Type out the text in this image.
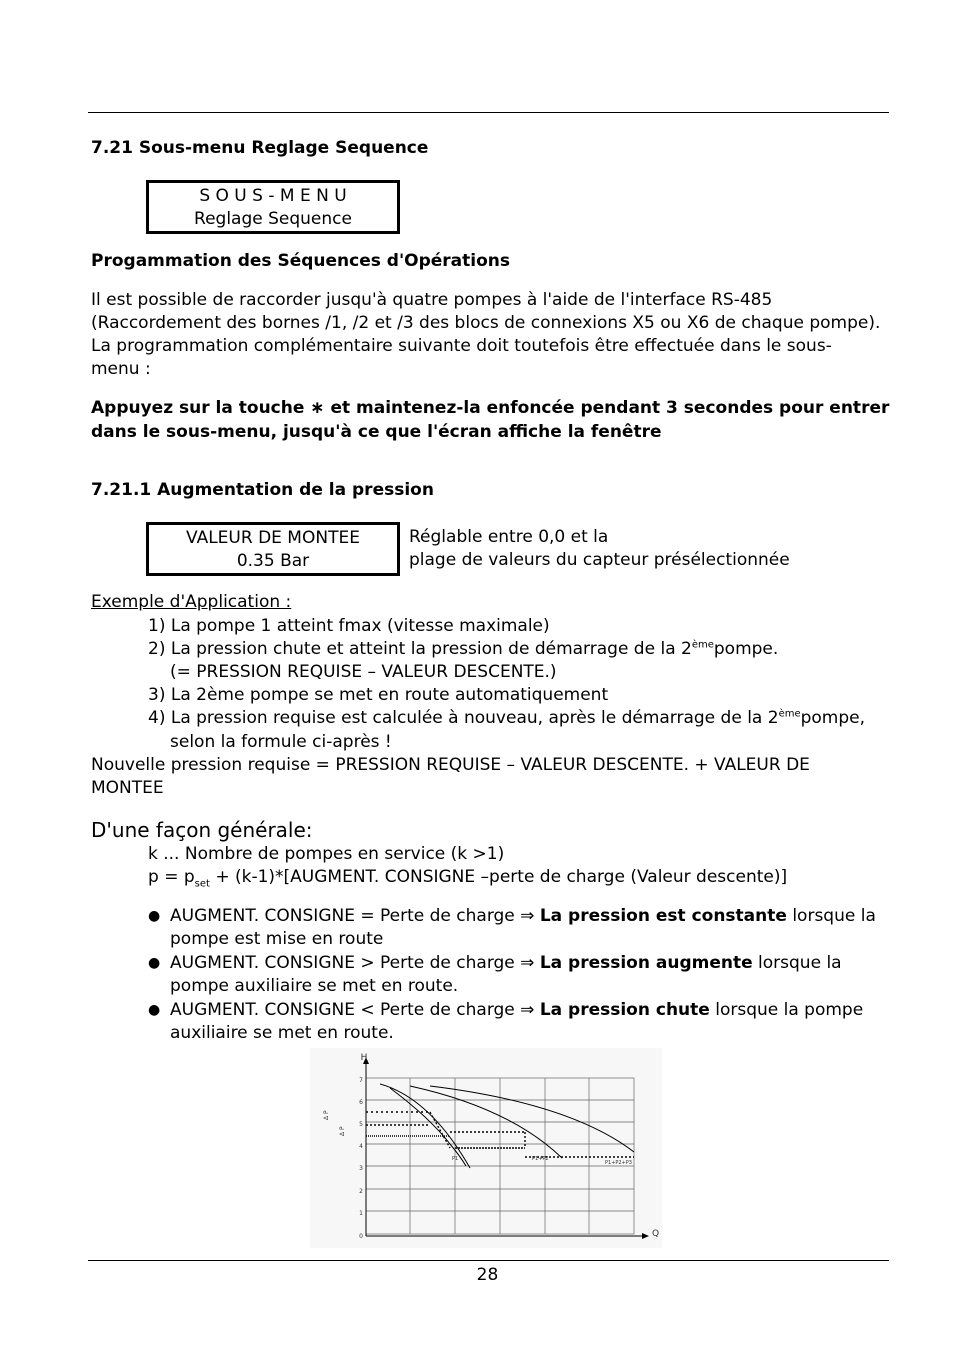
7.21 Sous-menu Reglage Sequence
S O U S - M E N U
Reglage Sequence
Progammation des Séquences d'Opérations
Il est possible de raccorder jusqu'à quatre pompes à l'aide de l'interface RS-485
(Raccordement des bornes /1, /2 et /3 des blocs de connexions X5 ou X6 de chaque pompe).
La programmation complémentaire suivante doit toutefois être effectuée dans le sous-
menu :
Appuyez sur la touche ∗ et maintenez-la enfoncée pendant 3 secondes pour entrer
dans le sous-menu, jusqu'à ce que l'écran affiche la fenêtre
7.21.1 Augmentation de la pression
VALEUR DE MONTEE
0.35 Bar
Réglable entre 0,0 et la
plage de valeurs du capteur présélectionnée
Exemple d'Application :
1) La pompe 1 atteint fmax (vitesse maximale)
2) La pression chute et atteint la pression de démarrage de la 2èmepompe.
(= PRESSION REQUISE – VALEUR DESCENTE.)
3) La 2ème pompe se met en route automatiquement
4) La pression requise est calculée à nouveau, après le démarrage de la 2èmepompe,
selon la formule ci-après !
Nouvelle pression requise = PRESSION REQUISE – VALEUR DESCENTE. + VALEUR DE
MONTEE
D'une façon générale:
k ... Nombre de pompes en service (k >1)
$p = p_{set}$ + (k-1)*[AUGMENT. CONSIGNE –perte de charge (Valeur descente)]
● AUGMENT. CONSIGNE = Perte de charge ⇒ La pression est constante lorsque la
pompe est mise en route
● AUGMENT. CONSIGNE > Perte de charge ⇒ La pression augmente lorsque la
pompe auxiliaire se met en route.
● AUGMENT. CONSIGNE < Perte de charge ⇒ La pression chute lorsque la pompe
auxiliaire se met en route.
H
Q
0
1
2
3
4
5
6
7
Δ P
Δ P
P1	P1+P2
P1+P2+P3
28
